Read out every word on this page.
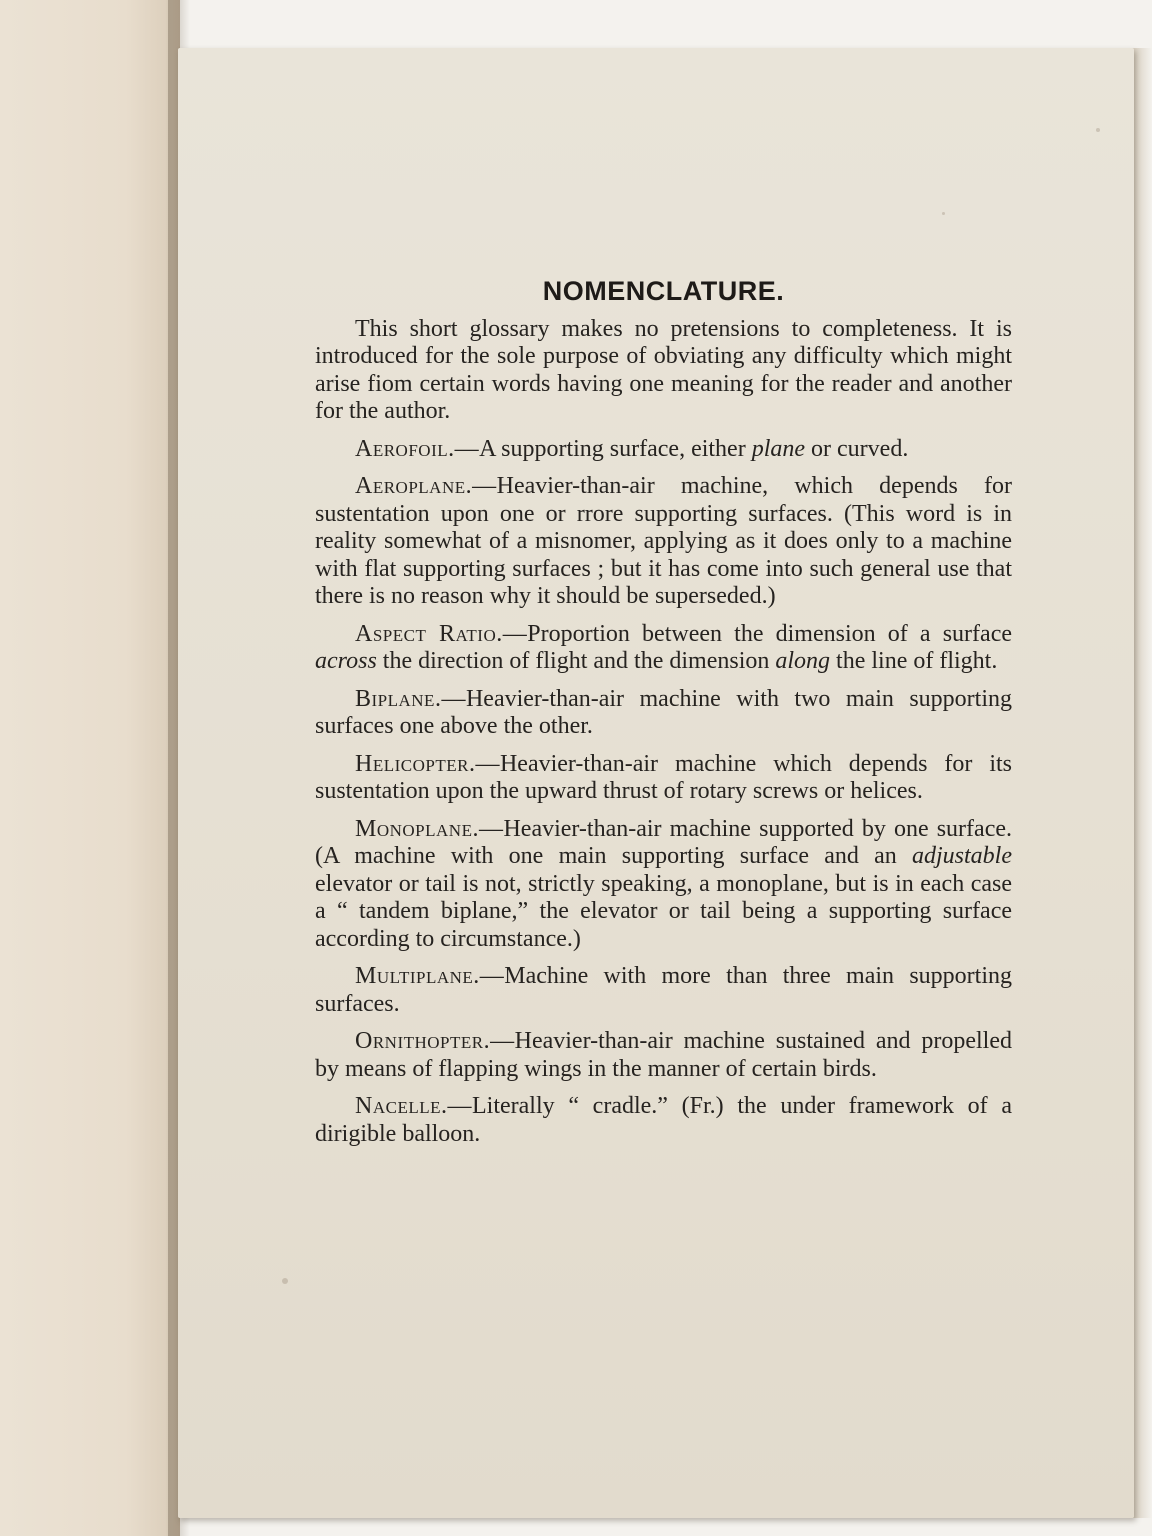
NOMENCLATURE.

This short glossary makes no pretensions to completeness. It is introduced for the sole purpose of obviating any difficulty which might arise fiom certain words having one meaning for the reader and another for the author.

Aerofoil.—A supporting surface, either plane or curved.

Aeroplane.—Heavier-than-air machine, which depends for sustentation upon one or rrore supporting surfaces. (This word is in reality somewhat of a misnomer, applying as it does only to a machine with flat supporting surfaces ; but it has come into such general use that there is no reason why it should be superseded.)

Aspect Ratio.—Proportion between the dimension of a surface across the direction of flight and the dimension along the line of flight.

Biplane.—Heavier-than-air machine with two main supporting surfaces one above the other.

Helicopter.—Heavier-than-air machine which depends for its sustentation upon the upward thrust of rotary screws or helices.

Monoplane.—Heavier-than-air machine supported by one surface. (A machine with one main supporting surface and an adjustable elevator or tail is not, strictly speaking, a monoplane, but is in each case a “ tandem biplane,” the elevator or tail being a supporting surface according to circumstance.)

Multiplane.—Machine with more than three main supporting surfaces.

Ornithopter.—Heavier-than-air machine sustained and propelled by means of flapping wings in the manner of certain birds.

Nacelle.—Literally “ cradle.” (Fr.) the under framework of a dirigible balloon.
